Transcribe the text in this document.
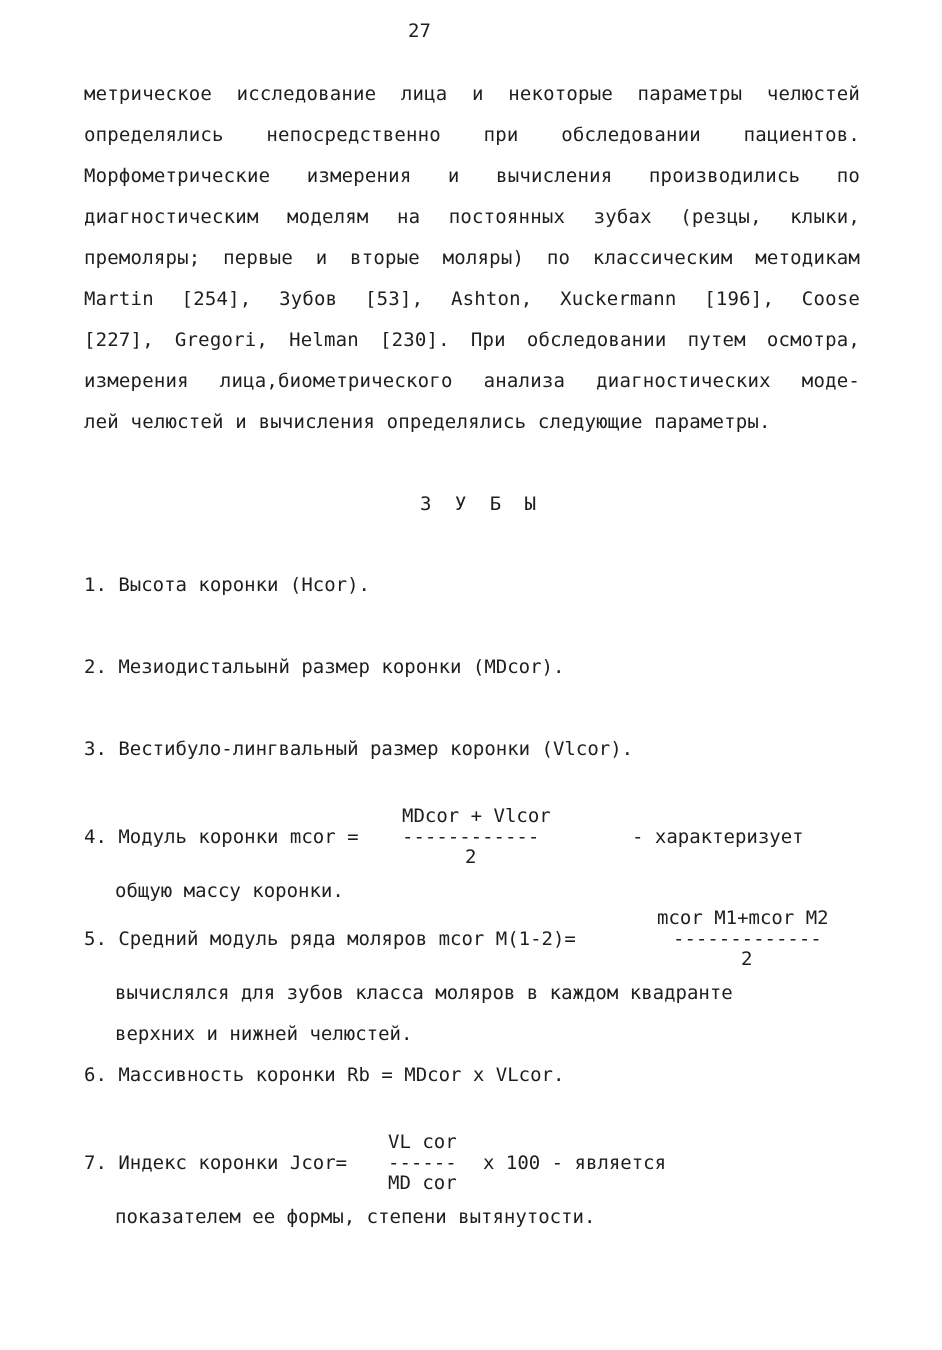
27
метрическое исследование лица и некоторые параметры челюстей
определялись непосредственно при обследовании пациентов.
Морфометрические измерения и вычисления производились по
диагностическим моделям на постоянных зубах (резцы, клыки,
премоляры; первые и вторые моляры) по классическим методикам
Martin [254], Зубов [53], Ashton, Xuckermann [196], Coose
[227], Gregori, Helman [230]. При обследовании путем осмотра,
измерения лица,биометрического анализа диагностических моде-
лей челюстей и вычисления определялись следующие параметры.
З У Б Ы
1. Высота коронки (Hcor).
2. Мезиодистальынй размер коронки (MDcor).
3. Вестибуло-лингвальный размер коронки (Vlcor).
MDcor + Vlcor
4. Модуль коронки mcor = ------------	- характеризует
2
общую массу коронки.
mcor M1+mcor M2
5. Средний модуль ряда моляров mcor M(1-2)=	-------------
2
вычислялся для зубов класса моляров в каждом квадранте
верхних и нижней челюстей.
6. Массивность коронки Rb = MDcor x VLcor.
VL cor
7. Индекс коронки Jcor= ------ x 100 - является
MD cor
показателем ее формы, степени вытянутости.
